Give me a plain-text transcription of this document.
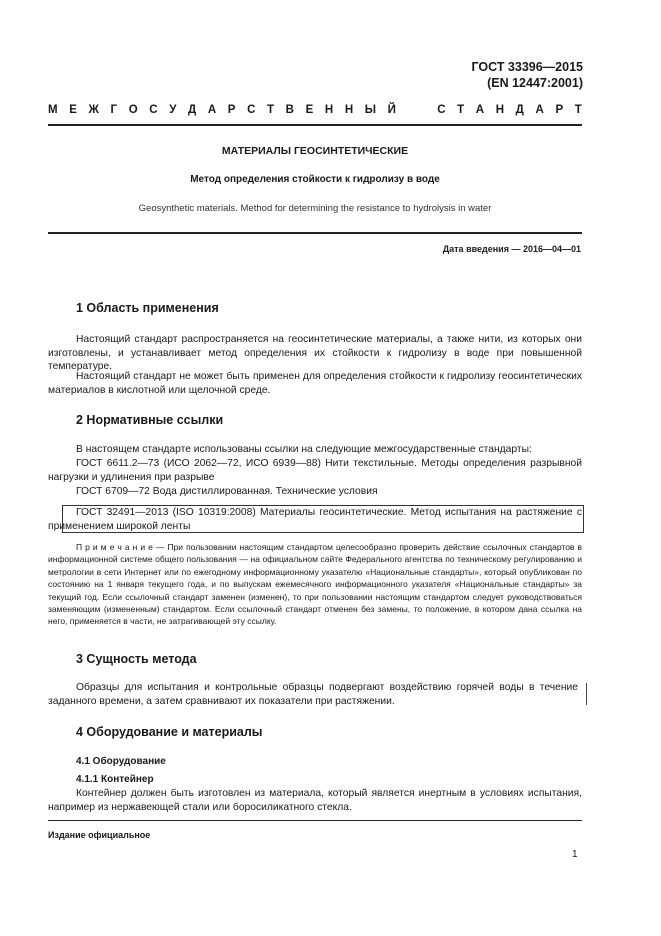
ГОСТ 33396—2015
(EN 12447:2001)
М Е Ж Г О С У Д А Р С Т В Е Н Н Ы Й

	С Т А Н Д А Р Т
МАТЕРИАЛЫ ГЕОСИНТЕТИЧЕСКИЕ
Метод определения стойкости к гидролизу в воде
Geosynthetic materials. Method for determining the resistance to hydrolysis in water
Дата введения — 2016—04—01
1 Область применения
Настоящий стандарт распространяется на геосинтетические материалы, а также нити, из которых они изготовлены, и устанавливает метод определения их стойкости к гидролизу в воде при повышенной температуре.
Настоящий стандарт не может быть применен для определения стойкости к гидролизу геосинтетических материалов в кислотной или щелочной среде.
2 Нормативные ссылки
В настоящем стандарте использованы ссылки на следующие межгосударственные стандарты:
ГОСТ 6611.2—73 (ИСО 2062—72, ИСО 6939—88) Нити текстильные. Методы определения разрывной нагрузки и удлинения при разрыве
ГОСТ 6709—72 Вода дистиллированная. Технические условия
ГОСТ 32491—2013 (ISO 10319:2008) Материалы геосинтетические. Метод испытания на растяжение с применением широкой ленты
П р и м е ч а н и е — При пользовании настоящим стандартом целесообразно проверить действие ссылочных стандартов в информационной системе общего пользования — на официальном сайте Федерального агентства по техническому регулированию и метрологии в сети Интернет или по ежегодному информационному указателю «Национальные стандарты», который опубликован по состоянию на 1 января текущего года, и по выпускам ежемесячного информационного указателя «Национальные стандарты» за текущий год. Если ссылочный стандарт заменен (изменен), то при пользовании настоящим стандартом следует руководствоваться заменяющим (измененным) стандартом. Если ссылочный стандарт отменен без замены, то положение, в котором дана ссылка на него, применяется в части, не затрагивающей эту ссылку.
3 Сущность метода
Образцы для испытания и контрольные образцы подвергают воздействию горячей воды в течение заданного времени, а затем сравнивают их показатели при растяжении.
4 Оборудование и материалы
4.1 Оборудование
4.1.1 Контейнер
Контейнер должен быть изготовлен из материала, который является инертным в условиях испытания, например из нержавеющей стали или боросиликатного стекла.
Издание официальное
1
